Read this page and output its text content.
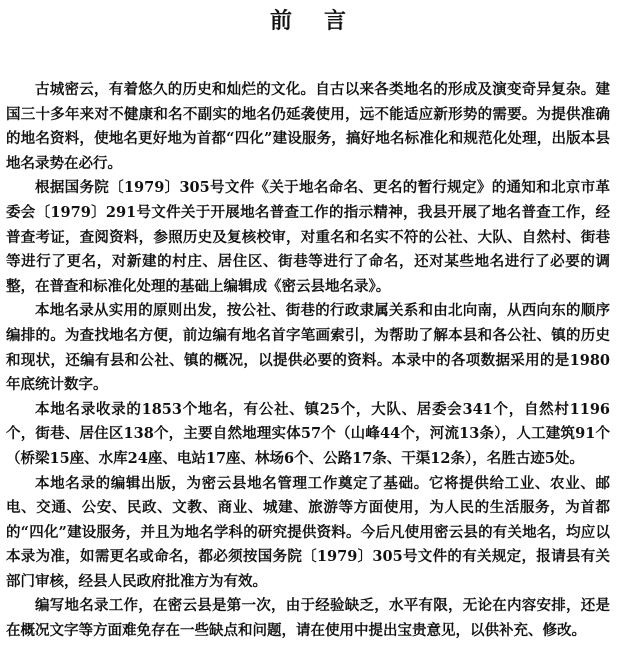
前言

古城密云，有着悠久的历史和灿烂的文化。自古以来各类地名的形成及演变奇异复杂。建国三十多年来对不健康和名不副实的地名仍延袭使用，远不能适应新形势的需要。为提供准确的地名资料，使地名更好地为首都“四化”建设服务，搞好地名标准化和规范化处理，出版本县地名录势在必行。

根据国务院〔1979〕305号文件《关于地名命名、更名的暂行规定》的通知和北京市革委会〔1979〕291号文件关于开展地名普查工作的指示精神，我县开展了地名普查工作，经普查考证，查阅资料，参照历史及复核校审，对重名和名实不符的公社、大队、自然村、街巷等进行了更名，对新建的村庄、居住区、街巷等进行了命名，还对某些地名进行了必要的调整，在普查和标准化处理的基础上编辑成《密云县地名录》。

本地名录从实用的原则出发，按公社、街巷的行政隶属关系和由北向南，从西向东的顺序编排的。为查找地名方便，前边编有地名首字笔画索引，为帮助了解本县和各公社、镇的历史和现状，还编有县和公社、镇的概况，以提供必要的资料。本录中的各项数据采用的是1980年底统计数字。

本地名录收录的1853个地名，有公社、镇25个，大队、居委会341个，自然村1196个，街巷、居住区138个，主要自然地理实体57个（山峰44个，河流13条），人工建筑91个（桥梁15座、水库24座、电站17座、林场6个、公路17条、干渠12条），名胜古迹5处。

本地名录的编辑出版，为密云县地名管理工作奠定了基础。它将提供给工业、农业、邮电、交通、公安、民政、文教、商业、城建、旅游等方面使用，为人民的生活服务，为首都的“四化”建设服务，并且为地名学科的研究提供资料。今后凡使用密云县的有关地名，均应以本录为准，如需更名或命名，都必须按国务院〔1979〕305号文件的有关规定，报请县有关部门审核，经县人民政府批准方为有效。

编写地名录工作，在密云县是第一次，由于经验缺乏，水平有限，无论在内容安排，还是在概况文字等方面难免存在一些缺点和问题，请在使用中提出宝贵意见，以供补充、修改。
